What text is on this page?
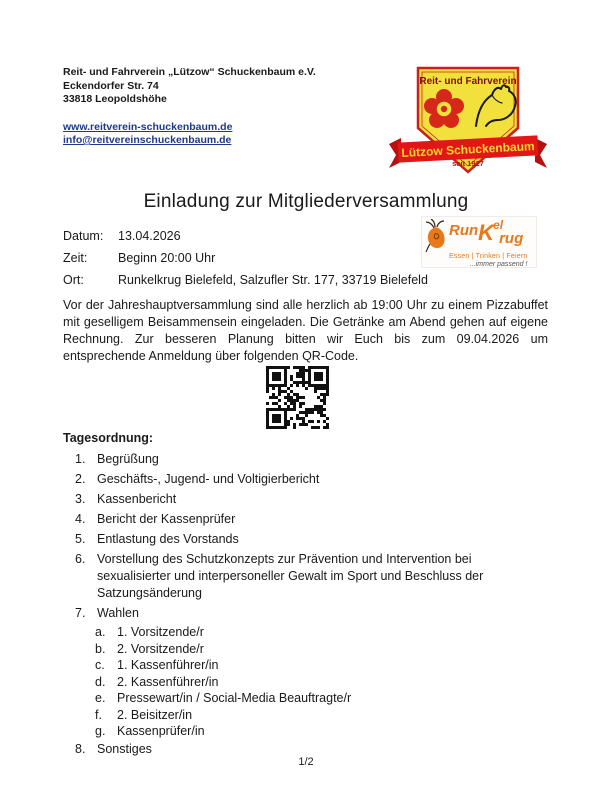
Reit- und Fahrverein „Lützow“ Schuckenbaum e.V.
Eckendorfer Str. 74
33818 Leopoldshöhe
www.reitverein-schuckenbaum.de
info@reitvereinschuckenbaum.de
Reit- und Fahrverein
Lützow Schuckenbaum
seit 1927
Einladung zur Mitgliederversammlung
Datum:	13.04.2026
Zeit:	Beginn 20:00 Uhr
Ort:	Runkelkrug Bielefeld, Salzufler Str. 177, 33719 Bielefeld
RunK$^{el}$rug
Essen | Trinken | Feiern
...immer passend !
Vor der Jahreshauptversammlung sind alle herzlich ab 19:00 Uhr zu einem Pizzabuffet mit geselligem Beisammensein eingeladen. Die Getränke am Abend gehen auf eigene Rechnung. Zur besseren Planung bitten wir Euch bis zum 09.04.2026 um entsprechende Anmeldung über folgenden QR-Code.
Tagesordnung:
1. Begrüßung
2. Geschäfts-, Jugend- und Voltigierbericht
3. Kassenbericht
4. Bericht der Kassenprüfer
5. Entlastung des Vorstands
6. Vorstellung des Schutzkonzepts zur Prävention und Intervention bei sexualisierter und interpersoneller Gewalt im Sport und Beschluss der Satzungsänderung
7. Wahlen
a. 1. Vorsitzende/r
b. 2. Vorsitzende/r
c. 1. Kassenführer/in
d. 2. Kassenführer/in
e. Pressewart/in / Social-Media Beauftragte/r
f.	2. Beisitzer/in
g. Kassenprüfer/in
8. Sonstiges
1/2
